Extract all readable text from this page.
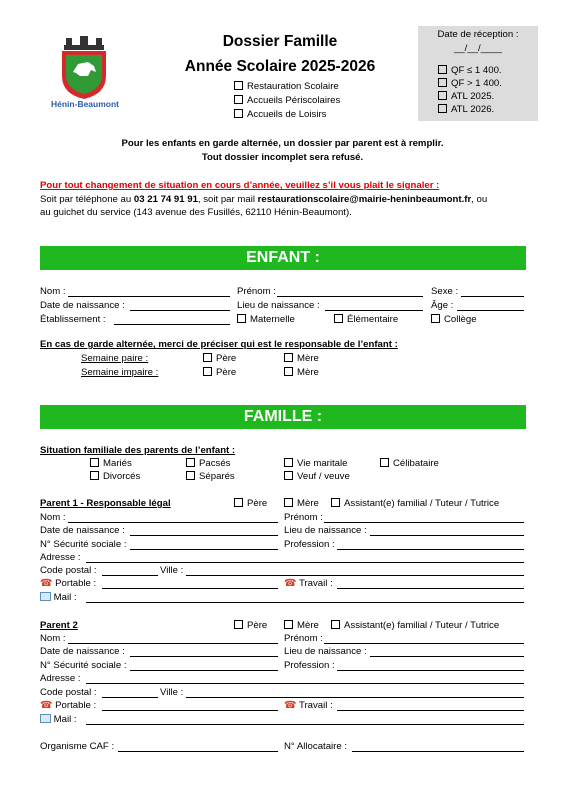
Hénin-Beaumont
Dossier Famille
Année Scolaire 2025-2026
Restauration Scolaire
Accueils Périscolaires
Accueils de Loisirs
Date de réception :
__/__/____
QF ≤ 1 400.
QF > 1 400.
ATL 2025.
ATL 2026.
Pour les enfants en garde alternée, un dossier par parent est à remplir.
Tout dossier incomplet sera refusé.
Pour tout changement de situation en cours d’année, veuillez s’il vous plait le signaler :
Soit par téléphone au 03 21 74 91 91, soit par mail restaurationscolaire@mairie-heninbeaumont.fr, ou
au guichet du service (143 avenue des Fusillés, 62110 Hénin-Beaumont).
ENFANT :
Nom :	Prénom :	Sexe :
Date de naissance :	Lieu de naissance :	Âge :
Établissement :	Maternelle	Élémentaire	Collège
En cas de garde alternée, merci de préciser qui est le responsable de l’enfant :
Semaine paire :	Père	Mère
Semaine impaire :	Père	Mère
FAMILLE :
Situation familiale des parents de l’enfant :
Mariés	Pacsés	Vie maritale	Célibataire
Divorcés	Séparés	Veuf / veuve
Parent 1 - Responsable légal	Père	Mère	Assistant(e) familial / Tuteur / Tutrice
Nom :	Prénom :
Date de naissance :	Lieu de naissance :
N° Sécurité sociale :	Profession :
Adresse :
Code postal :	Ville :
☎ Portable :	☎ Travail :
Mail :
Parent 2	Père	Mère	Assistant(e) familial / Tuteur / Tutrice
Nom :	Prénom :
Date de naissance :	Lieu de naissance :
N° Sécurité sociale :	Profession :
Adresse :
Code postal :	Ville :
☎ Portable :	☎ Travail :
Mail :
Organisme CAF :	N° Allocataire :
